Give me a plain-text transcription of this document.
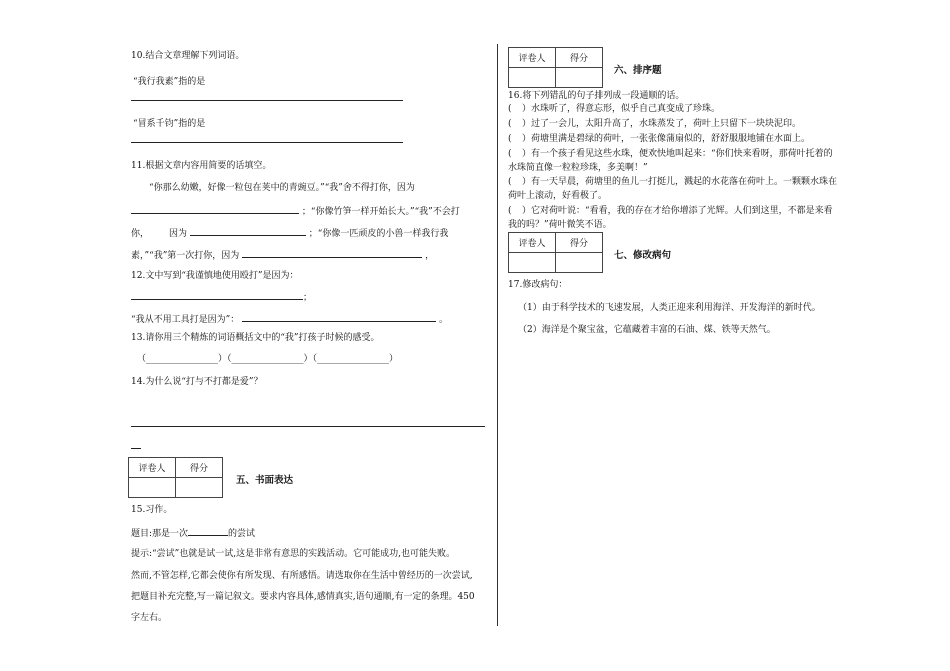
10.结合文章理解下列词语。
“我行我素”指的是
“冒系千钧”指的是
11.根据文章内容用简要的话填空。
“你那么幼嫩，好像一粒包在荚中的青豌豆。”“我”舍不得打你，因为
；“你像竹笋一样开始长大。”“我”不会打
你， 因为	；“你像一匹顽皮的小兽一样我行我
素，”“我”第一次打你，因为	，
12.文中写到“我谨慎地使用殴打”是因为：
；
“我从不用工具打是因为”：	。
13.请你用三个精炼的词语概括文中的“我”打孩子时候的感受。
（________________）（________________）（________________）
14.为什么说“打与不打都是爱”？
评卷人	得分

五、书面表达
15.习作。
题目:那是一次	的尝试
提示:“尝试”也就是试一试,这是非常有意思的实践活动。它可能成功,也可能失败。
然而,不管怎样,它都会使你有所发现、有所感悟。请选取你在生活中曾经历的一次尝试,
把题目补充完整,写一篇记叙文。要求内容具体,感情真实,语句通顺,有一定的条理。450
字左右。
评卷人	得分

六、排序题
16.将下列错乱的句子排列成一段通顺的话。
( ）水珠听了，得意忘形，似乎自己真变成了珍珠。
( ）过了一会儿，太阳升高了，水珠蒸发了，荷叶上只留下一块块泥印。
( ）荷塘里满是碧绿的荷叶，一张张像蒲扇似的，舒舒服服地铺在水面上。
( ）有一个孩子看见这些水珠，便欢快地叫起来：“你们快来看呀，那荷叶托着的
水珠简直像一粒粒珍珠，多美啊！”
( ）有一天早晨，荷塘里的鱼儿一打挺儿，溅起的水花落在荷叶上。一颗颗水珠在
荷叶上滚动，好看极了。
( ）它对荷叶说：“看看，我的存在才给你增添了光辉。人们到这里，不都是来看
我的吗？”荷叶微笑不语。
评卷人	得分

七、修改病句
17.修改病句：
（1）由于科学技术的飞速发展，人类正迎来利用海洋、开发海洋的新时代。
（2）海洋是个聚宝盆，它蕴藏着丰富的石油、煤、铁等天然气。
